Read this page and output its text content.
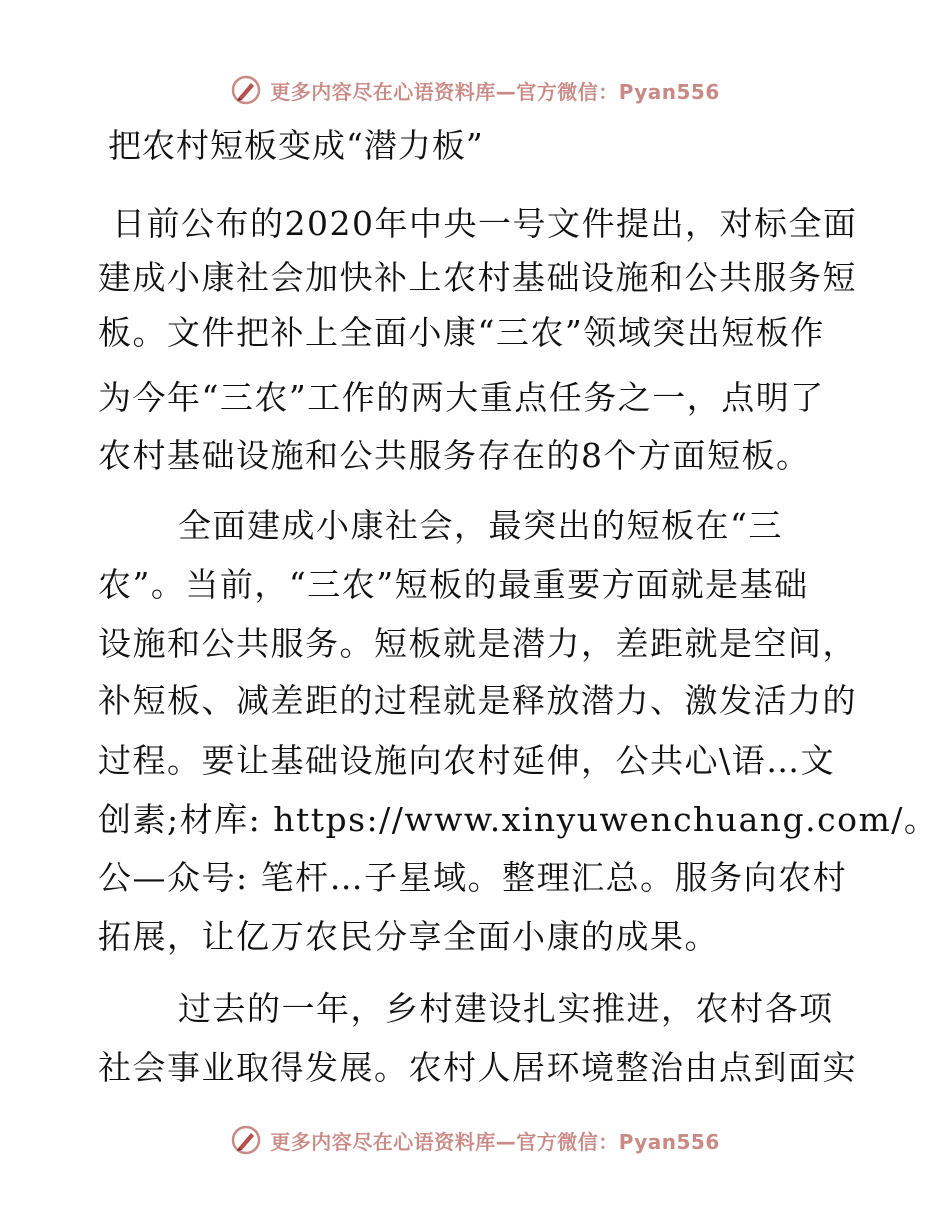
更多内容尽在心语资料库—官方微信：Pyan556
把农村短板变成“潜力板”
日前公布的2020年中央一号文件提出，对标全面
建成小康社会加快补上农村基础设施和公共服务短
板。文件把补上全面小康“三农”领域突出短板作
为今年“三农”工作的两大重点任务之一，点明了
农村基础设施和公共服务存在的8个方面短板。
全面建成小康社会，最突出的短板在“三
农”。当前，“三农”短板的最重要方面就是基础
设施和公共服务。短板就是潜力，差距就是空间，
补短板、减差距的过程就是释放潜力、激发活力的
过程。要让基础设施向农村延伸，公共心\语…文
创素;材库: https://www.xinyuwenchuang.com/。
公—众号: 笔杆…子星域。整理汇总。服务向农村
拓展，让亿万农民分享全面小康的成果。
过去的一年，乡村建设扎实推进，农村各项
社会事业取得发展。农村人居环境整治由点到面实
更多内容尽在心语资料库—官方微信：Pyan556
